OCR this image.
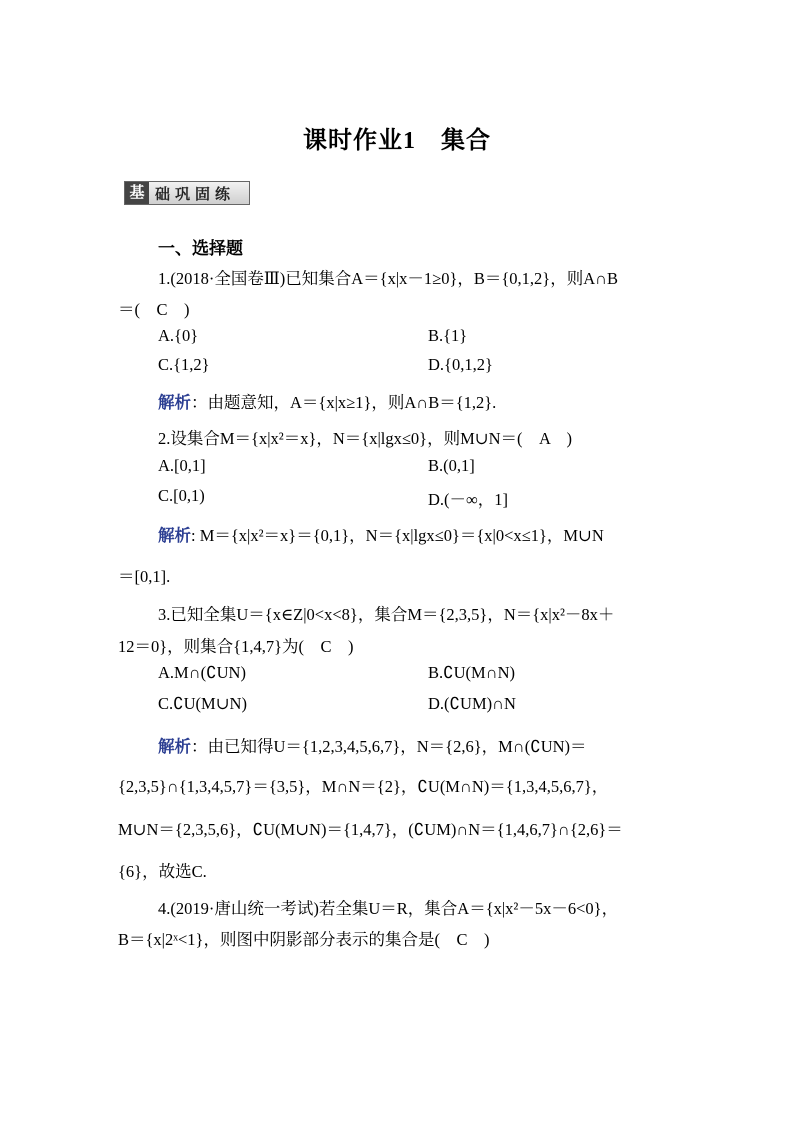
课时作业1　集合
基 础巩固练
一、选择题
1.(2018·全国卷Ⅲ)已知集合A＝{x|x－1≥0}，B＝{0,1,2}，则A∩B
＝(　C　)
A.{0}	B.{1}
C.{1,2}	D.{0,1,2}
解析：由题意知，A＝{x|x≥1}，则A∩B＝{1,2}.
2.设集合M＝{x|x²＝x}，N＝{x|lgx≤0}，则M∪N＝(　A　)
A.[0,1]	B.(0,1]
C.[0,1)	D.(－∞，1]
解析: M＝{x|x²＝x}＝{0,1}，N＝{x|lgx≤0}＝{x|0<x≤1}，M∪N
＝[0,1].
3.已知全集U＝{x∈Z|0<x<8}，集合M＝{2,3,5}，N＝{x|x²－8x＋
12＝0}，则集合{1,4,7}为(　C　)
A.M∩(∁UN)	B.∁U(M∩N)
C.∁U(M∪N)	D.(∁UM)∩N
解析：由已知得U＝{1,2,3,4,5,6,7}，N＝{2,6}，M∩(∁UN)＝
{2,3,5}∩{1,3,4,5,7}＝{3,5}，M∩N＝{2}，∁U(M∩N)＝{1,3,4,5,6,7}，
M∪N＝{2,3,5,6}，∁U(M∪N)＝{1,4,7}，(∁UM)∩N＝{1,4,6,7}∩{2,6}＝
{6}，故选C.
4.(2019·唐山统一考试)若全集U＝R，集合A＝{x|x²－5x－6<0}，
B＝{x|2ˣ<1}，则图中阴影部分表示的集合是(　C　)
